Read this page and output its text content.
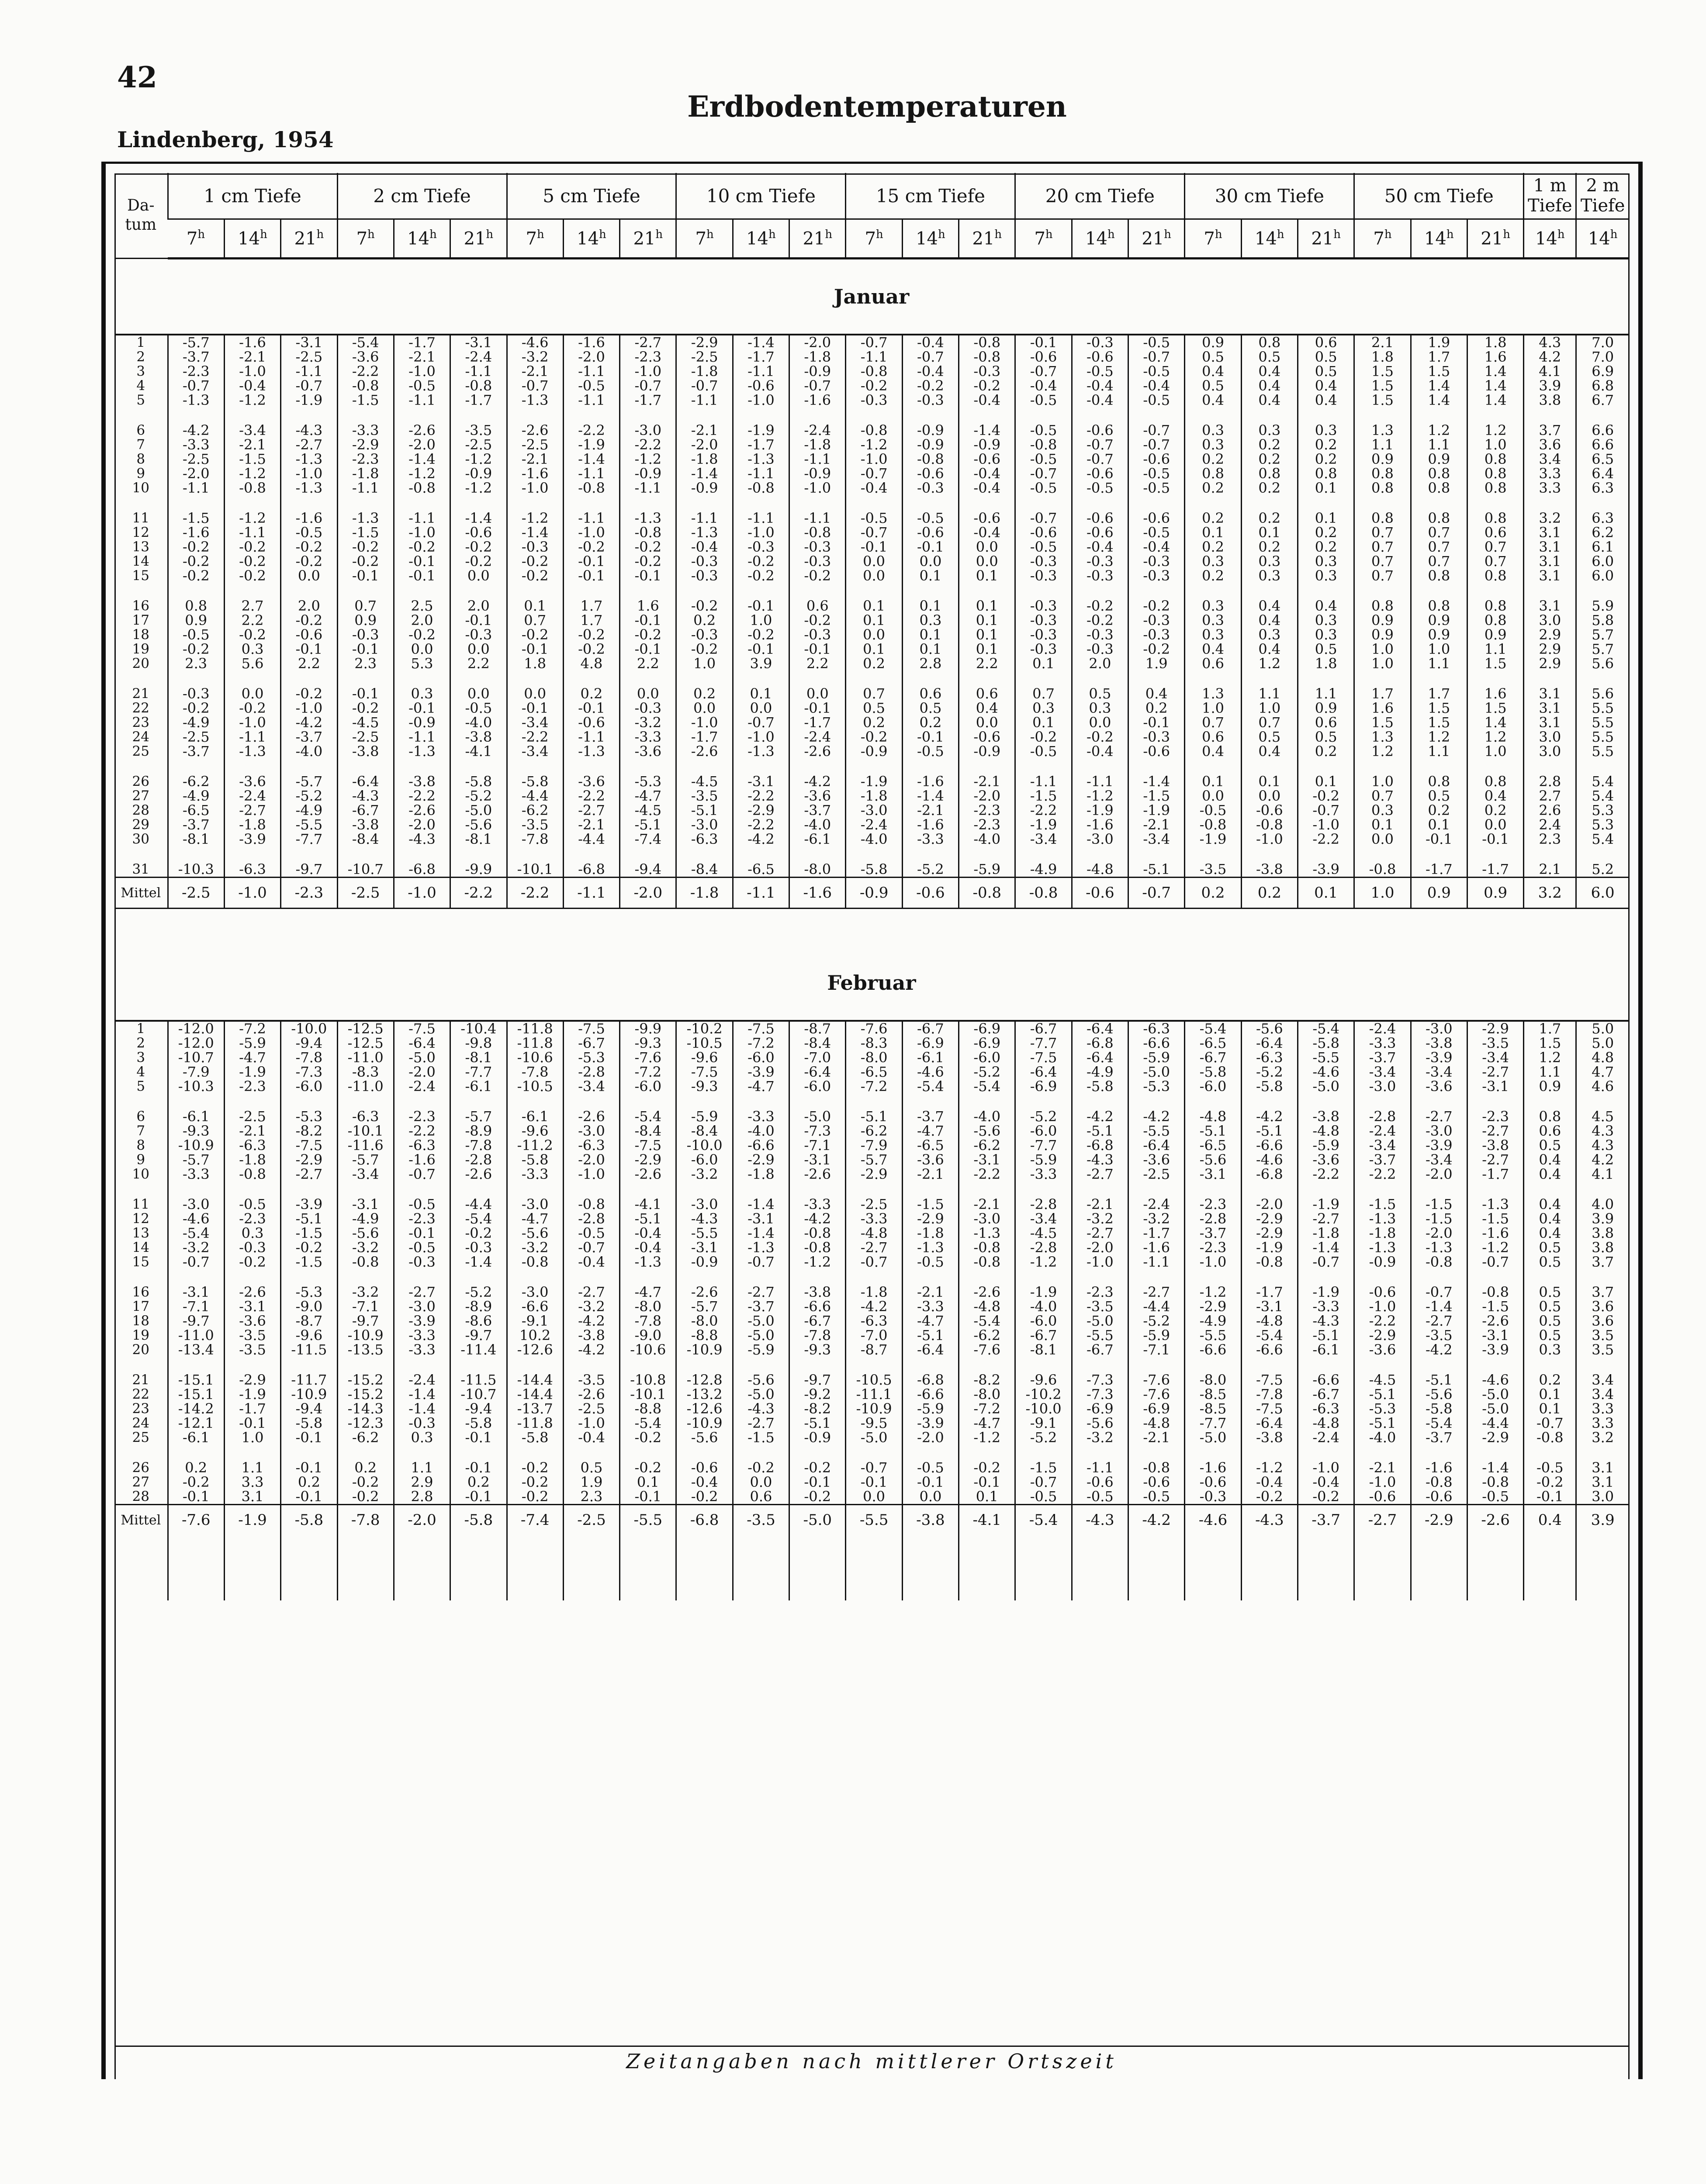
42
Erdbodentemperaturen
Lindenberg, 1954
Da- tum	1 cm Tiefe			2 cm Tiefe			5 cm Tiefe			10 cm Tiefe			15 cm Tiefe			20 cm Tiefe			30 cm Tiefe			50 cm Tiefe			1 m Tiefe	2 m Tiefe
	7$^h$	14$^h$	21$^h$	7$^h$	14$^h$	21$^h$	7$^h$	14$^h$	21$^h$	7$^h$	14$^h$	21$^h$	7$^h$	14$^h$	21$^h$	7$^h$	14$^h$	21$^h$	7$^h$	14$^h$	21$^h$	7$^h$	14$^h$	21$^h$	14$^h$	14$^h$
Januar																										
1	-5.7	-1.6	-3.1	-5.4	-1.7	-3.1	-4.6	-1.6	-2.7	-2.9	-1.4	-2.0	-0.7	-0.4	-0.8	-0.1	-0.3	-0.5	0.9	0.8	0.6	2.1	1.9	1.8	4.3	7.0
2	-3.7	-2.1	-2.5	-3.6	-2.1	-2.4	-3.2	-2.0	-2.3	-2.5	-1.7	-1.8	-1.1	-0.7	-0.8	-0.6	-0.6	-0.7	0.5	0.5	0.5	1.8	1.7	1.6	4.2	7.0
3	-2.3	-1.0	-1.1	-2.2	-1.0	-1.1	-2.1	-1.1	-1.0	-1.8	-1.1	-0.9	-0.8	-0.4	-0.3	-0.7	-0.5	-0.5	0.4	0.4	0.5	1.5	1.5	1.4	4.1	6.9
4	-0.7	-0.4	-0.7	-0.8	-0.5	-0.8	-0.7	-0.5	-0.7	-0.7	-0.6	-0.7	-0.2	-0.2	-0.2	-0.4	-0.4	-0.4	0.5	0.4	0.4	1.5	1.4	1.4	3.9	6.8
5	-1.3	-1.2	-1.9	-1.5	-1.1	-1.7	-1.3	-1.1	-1.7	-1.1	-1.0	-1.6	-0.3	-0.3	-0.4	-0.5	-0.4	-0.5	0.4	0.4	0.4	1.5	1.4	1.4	3.8	6.7

6	-4.2	-3.4	-4.3	-3.3	-2.6	-3.5	-2.6	-2.2	-3.0	-2.1	-1.9	-2.4	-0.8	-0.9	-1.4	-0.5	-0.6	-0.7	0.3	0.3	0.3	1.3	1.2	1.2	3.7	6.6
7	-3.3	-2.1	-2.7	-2.9	-2.0	-2.5	-2.5	-1.9	-2.2	-2.0	-1.7	-1.8	-1.2	-0.9	-0.9	-0.8	-0.7	-0.7	0.3	0.2	0.2	1.1	1.1	1.0	3.6	6.6
8	-2.5	-1.5	-1.3	-2.3	-1.4	-1.2	-2.1	-1.4	-1.2	-1.8	-1.3	-1.1	-1.0	-0.8	-0.6	-0.5	-0.7	-0.6	0.2	0.2	0.2	0.9	0.9	0.8	3.4	6.5
9	-2.0	-1.2	-1.0	-1.8	-1.2	-0.9	-1.6	-1.1	-0.9	-1.4	-1.1	-0.9	-0.7	-0.6	-0.4	-0.7	-0.6	-0.5	0.8	0.8	0.8	0.8	0.8	0.8	3.3	6.4
10	-1.1	-0.8	-1.3	-1.1	-0.8	-1.2	-1.0	-0.8	-1.1	-0.9	-0.8	-1.0	-0.4	-0.3	-0.4	-0.5	-0.5	-0.5	0.2	0.2	0.1	0.8	0.8	0.8	3.3	6.3

11	-1.5	-1.2	-1.6	-1.3	-1.1	-1.4	-1.2	-1.1	-1.3	-1.1	-1.1	-1.1	-0.5	-0.5	-0.6	-0.7	-0.6	-0.6	0.2	0.2	0.1	0.8	0.8	0.8	3.2	6.3
12	-1.6	-1.1	-0.5	-1.5	-1.0	-0.6	-1.4	-1.0	-0.8	-1.3	-1.0	-0.8	-0.7	-0.6	-0.4	-0.6	-0.6	-0.5	0.1	0.1	0.2	0.7	0.7	0.6	3.1	6.2
13	-0.2	-0.2	-0.2	-0.2	-0.2	-0.2	-0.3	-0.2	-0.2	-0.4	-0.3	-0.3	-0.1	-0.1	0.0	-0.5	-0.4	-0.4	0.2	0.2	0.2	0.7	0.7	0.7	3.1	6.1
14	-0.2	-0.2	-0.2	-0.2	-0.1	-0.2	-0.2	-0.1	-0.2	-0.3	-0.2	-0.3	0.0	0.0	0.0	-0.3	-0.3	-0.3	0.3	0.3	0.3	0.7	0.7	0.7	3.1	6.0
15	-0.2	-0.2	0.0	-0.1	-0.1	0.0	-0.2	-0.1	-0.1	-0.3	-0.2	-0.2	0.0	0.1	0.1	-0.3	-0.3	-0.3	0.2	0.3	0.3	0.7	0.8	0.8	3.1	6.0

16	0.8	2.7	2.0	0.7	2.5	2.0	0.1	1.7	1.6	-0.2	-0.1	0.6	0.1	0.1	0.1	-0.3	-0.2	-0.2	0.3	0.4	0.4	0.8	0.8	0.8	3.1	5.9
17	0.9	2.2	-0.2	0.9	2.0	-0.1	0.7	1.7	-0.1	0.2	1.0	-0.2	0.1	0.3	0.1	-0.3	-0.2	-0.3	0.3	0.4	0.3	0.9	0.9	0.8	3.0	5.8
18	-0.5	-0.2	-0.6	-0.3	-0.2	-0.3	-0.2	-0.2	-0.2	-0.3	-0.2	-0.3	0.0	0.1	0.1	-0.3	-0.3	-0.3	0.3	0.3	0.3	0.9	0.9	0.9	2.9	5.7
19	-0.2	0.3	-0.1	-0.1	0.0	0.0	-0.1	-0.2	-0.1	-0.2	-0.1	-0.1	0.1	0.1	0.1	-0.3	-0.3	-0.2	0.4	0.4	0.5	1.0	1.0	1.1	2.9	5.7
20	2.3	5.6	2.2	2.3	5.3	2.2	1.8	4.8	2.2	1.0	3.9	2.2	0.2	2.8	2.2	0.1	2.0	1.9	0.6	1.2	1.8	1.0	1.1	1.5	2.9	5.6

21	-0.3	0.0	-0.2	-0.1	0.3	0.0	0.0	0.2	0.0	0.2	0.1	0.0	0.7	0.6	0.6	0.7	0.5	0.4	1.3	1.1	1.1	1.7	1.7	1.6	3.1	5.6
22	-0.2	-0.2	-1.0	-0.2	-0.1	-0.5	-0.1	-0.1	-0.3	0.0	0.0	-0.1	0.5	0.5	0.4	0.3	0.3	0.2	1.0	1.0	0.9	1.6	1.5	1.5	3.1	5.5
23	-4.9	-1.0	-4.2	-4.5	-0.9	-4.0	-3.4	-0.6	-3.2	-1.0	-0.7	-1.7	0.2	0.2	0.0	0.1	0.0	-0.1	0.7	0.7	0.6	1.5	1.5	1.4	3.1	5.5
24	-2.5	-1.1	-3.7	-2.5	-1.1	-3.8	-2.2	-1.1	-3.3	-1.7	-1.0	-2.4	-0.2	-0.1	-0.6	-0.2	-0.2	-0.3	0.6	0.5	0.5	1.3	1.2	1.2	3.0	5.5
25	-3.7	-1.3	-4.0	-3.8	-1.3	-4.1	-3.4	-1.3	-3.6	-2.6	-1.3	-2.6	-0.9	-0.5	-0.9	-0.5	-0.4	-0.6	0.4	0.4	0.2	1.2	1.1	1.0	3.0	5.5

26	-6.2	-3.6	-5.7	-6.4	-3.8	-5.8	-5.8	-3.6	-5.3	-4.5	-3.1	-4.2	-1.9	-1.6	-2.1	-1.1	-1.1	-1.4	0.1	0.1	0.1	1.0	0.8	0.8	2.8	5.4
27	-4.9	-2.4	-5.2	-4.3	-2.2	-5.2	-4.4	-2.2	-4.7	-3.5	-2.2	-3.6	-1.8	-1.4	-2.0	-1.5	-1.2	-1.5	0.0	0.0	-0.2	0.7	0.5	0.4	2.7	5.4
28	-6.5	-2.7	-4.9	-6.7	-2.6	-5.0	-6.2	-2.7	-4.5	-5.1	-2.9	-3.7	-3.0	-2.1	-2.3	-2.2	-1.9	-1.9	-0.5	-0.6	-0.7	0.3	0.2	0.2	2.6	5.3
29	-3.7	-1.8	-5.5	-3.8	-2.0	-5.6	-3.5	-2.1	-5.1	-3.0	-2.2	-4.0	-2.4	-1.6	-2.3	-1.9	-1.6	-2.1	-0.8	-0.8	-1.0	0.1	0.1	0.0	2.4	5.3
30	-8.1	-3.9	-7.7	-8.4	-4.3	-8.1	-7.8	-4.4	-7.4	-6.3	-4.2	-6.1	-4.0	-3.3	-4.0	-3.4	-3.0	-3.4	-1.9	-1.0	-2.2	0.0	-0.1	-0.1	2.3	5.4

31	-10.3	-6.3	-9.7	-10.7	-6.8	-9.9	-10.1	-6.8	-9.4	-8.4	-6.5	-8.0	-5.8	-5.2	-5.9	-4.9	-4.8	-5.1	-3.5	-3.8	-3.9	-0.8	-1.7	-1.7	2.1	5.2
Mittel	-2.5	-1.0	-2.3	-2.5	-1.0	-2.2	-2.2	-1.1	-2.0	-1.8	-1.1	-1.6	-0.9	-0.6	-0.8	-0.8	-0.6	-0.7	0.2	0.2	0.1	1.0	0.9	0.9	3.2	6.0

Februar																										
1	-12.0	-7.2	-10.0	-12.5	-7.5	-10.4	-11.8	-7.5	-9.9	-10.2	-7.5	-8.7	-7.6	-6.7	-6.9	-6.7	-6.4	-6.3	-5.4	-5.6	-5.4	-2.4	-3.0	-2.9	1.7	5.0
2	-12.0	-5.9	-9.4	-12.5	-6.4	-9.8	-11.8	-6.7	-9.3	-10.5	-7.2	-8.4	-8.3	-6.9	-6.9	-7.7	-6.8	-6.6	-6.5	-6.4	-5.8	-3.3	-3.8	-3.5	1.5	5.0
3	-10.7	-4.7	-7.8	-11.0	-5.0	-8.1	-10.6	-5.3	-7.6	-9.6	-6.0	-7.0	-8.0	-6.1	-6.0	-7.5	-6.4	-5.9	-6.7	-6.3	-5.5	-3.7	-3.9	-3.4	1.2	4.8
4	-7.9	-1.9	-7.3	-8.3	-2.0	-7.7	-7.8	-2.8	-7.2	-7.5	-3.9	-6.4	-6.5	-4.6	-5.2	-6.4	-4.9	-5.0	-5.8	-5.2	-4.6	-3.4	-3.4	-2.7	1.1	4.7
5	-10.3	-2.3	-6.0	-11.0	-2.4	-6.1	-10.5	-3.4	-6.0	-9.3	-4.7	-6.0	-7.2	-5.4	-5.4	-6.9	-5.8	-5.3	-6.0	-5.8	-5.0	-3.0	-3.6	-3.1	0.9	4.6

6	-6.1	-2.5	-5.3	-6.3	-2.3	-5.7	-6.1	-2.6	-5.4	-5.9	-3.3	-5.0	-5.1	-3.7	-4.0	-5.2	-4.2	-4.2	-4.8	-4.2	-3.8	-2.8	-2.7	-2.3	0.8	4.5
7	-9.3	-2.1	-8.2	-10.1	-2.2	-8.9	-9.6	-3.0	-8.4	-8.4	-4.0	-7.3	-6.2	-4.7	-5.6	-6.0	-5.1	-5.5	-5.1	-5.1	-4.8	-2.4	-3.0	-2.7	0.6	4.3
8	-10.9	-6.3	-7.5	-11.6	-6.3	-7.8	-11.2	-6.3	-7.5	-10.0	-6.6	-7.1	-7.9	-6.5	-6.2	-7.7	-6.8	-6.4	-6.5	-6.6	-5.9	-3.4	-3.9	-3.8	0.5	4.3
9	-5.7	-1.8	-2.9	-5.7	-1.6	-2.8	-5.8	-2.0	-2.9	-6.0	-2.9	-3.1	-5.7	-3.6	-3.1	-5.9	-4.3	-3.6	-5.6	-4.6	-3.6	-3.7	-3.4	-2.7	0.4	4.2
10	-3.3	-0.8	-2.7	-3.4	-0.7	-2.6	-3.3	-1.0	-2.6	-3.2	-1.8	-2.6	-2.9	-2.1	-2.2	-3.3	-2.7	-2.5	-3.1	-6.8	-2.2	-2.2	-2.0	-1.7	0.4	4.1

11	-3.0	-0.5	-3.9	-3.1	-0.5	-4.4	-3.0	-0.8	-4.1	-3.0	-1.4	-3.3	-2.5	-1.5	-2.1	-2.8	-2.1	-2.4	-2.3	-2.0	-1.9	-1.5	-1.5	-1.3	0.4	4.0
12	-4.6	-2.3	-5.1	-4.9	-2.3	-5.4	-4.7	-2.8	-5.1	-4.3	-3.1	-4.2	-3.3	-2.9	-3.0	-3.4	-3.2	-3.2	-2.8	-2.9	-2.7	-1.3	-1.5	-1.5	0.4	3.9
13	-5.4	0.3	-1.5	-5.6	-0.1	-0.2	-5.6	-0.5	-0.4	-5.5	-1.4	-0.8	-4.8	-1.8	-1.3	-4.5	-2.7	-1.7	-3.7	-2.9	-1.8	-1.8	-2.0	-1.6	0.4	3.8
14	-3.2	-0.3	-0.2	-3.2	-0.5	-0.3	-3.2	-0.7	-0.4	-3.1	-1.3	-0.8	-2.7	-1.3	-0.8	-2.8	-2.0	-1.6	-2.3	-1.9	-1.4	-1.3	-1.3	-1.2	0.5	3.8
15	-0.7	-0.2	-1.5	-0.8	-0.3	-1.4	-0.8	-0.4	-1.3	-0.9	-0.7	-1.2	-0.7	-0.5	-0.8	-1.2	-1.0	-1.1	-1.0	-0.8	-0.7	-0.9	-0.8	-0.7	0.5	3.7

16	-3.1	-2.6	-5.3	-3.2	-2.7	-5.2	-3.0	-2.7	-4.7	-2.6	-2.7	-3.8	-1.8	-2.1	-2.6	-1.9	-2.3	-2.7	-1.2	-1.7	-1.9	-0.6	-0.7	-0.8	0.5	3.7
17	-7.1	-3.1	-9.0	-7.1	-3.0	-8.9	-6.6	-3.2	-8.0	-5.7	-3.7	-6.6	-4.2	-3.3	-4.8	-4.0	-3.5	-4.4	-2.9	-3.1	-3.3	-1.0	-1.4	-1.5	0.5	3.6
18	-9.7	-3.6	-8.7	-9.7	-3.9	-8.6	-9.1	-4.2	-7.8	-8.0	-5.0	-6.7	-6.3	-4.7	-5.4	-6.0	-5.0	-5.2	-4.9	-4.8	-4.3	-2.2	-2.7	-2.6	0.5	3.6
19	-11.0	-3.5	-9.6	-10.9	-3.3	-9.7	10.2	-3.8	-9.0	-8.8	-5.0	-7.8	-7.0	-5.1	-6.2	-6.7	-5.5	-5.9	-5.5	-5.4	-5.1	-2.9	-3.5	-3.1	0.5	3.5
20	-13.4	-3.5	-11.5	-13.5	-3.3	-11.4	-12.6	-4.2	-10.6	-10.9	-5.9	-9.3	-8.7	-6.4	-7.6	-8.1	-6.7	-7.1	-6.6	-6.6	-6.1	-3.6	-4.2	-3.9	0.3	3.5

21	-15.1	-2.9	-11.7	-15.2	-2.4	-11.5	-14.4	-3.5	-10.8	-12.8	-5.6	-9.7	-10.5	-6.8	-8.2	-9.6	-7.3	-7.6	-8.0	-7.5	-6.6	-4.5	-5.1	-4.6	0.2	3.4
22	-15.1	-1.9	-10.9	-15.2	-1.4	-10.7	-14.4	-2.6	-10.1	-13.2	-5.0	-9.2	-11.1	-6.6	-8.0	-10.2	-7.3	-7.6	-8.5	-7.8	-6.7	-5.1	-5.6	-5.0	0.1	3.4
23	-14.2	-1.7	-9.4	-14.3	-1.4	-9.4	-13.7	-2.5	-8.8	-12.6	-4.3	-8.2	-10.9	-5.9	-7.2	-10.0	-6.9	-6.9	-8.5	-7.5	-6.3	-5.3	-5.8	-5.0	0.1	3.3
24	-12.1	-0.1	-5.8	-12.3	-0.3	-5.8	-11.8	-1.0	-5.4	-10.9	-2.7	-5.1	-9.5	-3.9	-4.7	-9.1	-5.6	-4.8	-7.7	-6.4	-4.8	-5.1	-5.4	-4.4	-0.7	3.3
25	-6.1	1.0	-0.1	-6.2	0.3	-0.1	-5.8	-0.4	-0.2	-5.6	-1.5	-0.9	-5.0	-2.0	-1.2	-5.2	-3.2	-2.1	-5.0	-3.8	-2.4	-4.0	-3.7	-2.9	-0.8	3.2

26	0.2	1.1	-0.1	0.2	1.1	-0.1	-0.2	0.5	-0.2	-0.6	-0.2	-0.2	-0.7	-0.5	-0.2	-1.5	-1.1	-0.8	-1.6	-1.2	-1.0	-2.1	-1.6	-1.4	-0.5	3.1
27	-0.2	3.3	0.2	-0.2	2.9	0.2	-0.2	1.9	0.1	-0.4	0.0	-0.1	-0.1	-0.1	-0.1	-0.7	-0.6	-0.6	-0.6	-0.4	-0.4	-1.0	-0.8	-0.8	-0.2	3.1
28	-0.1	3.1	-0.1	-0.2	2.8	-0.1	-0.2	2.3	-0.1	-0.2	0.6	-0.2	0.0	0.0	0.1	-0.5	-0.5	-0.5	-0.3	-0.2	-0.2	-0.6	-0.6	-0.5	-0.1	3.0
Mittel	-7.6	-1.9	-5.8	-7.8	-2.0	-5.8	-7.4	-2.5	-5.5	-6.8	-3.5	-5.0	-5.5	-3.8	-4.1	-5.4	-4.3	-4.2	-4.6	-4.3	-3.7	-2.7	-2.9	-2.6	0.4	3.9

Zeitangaben nach mittlerer Ortszeit
